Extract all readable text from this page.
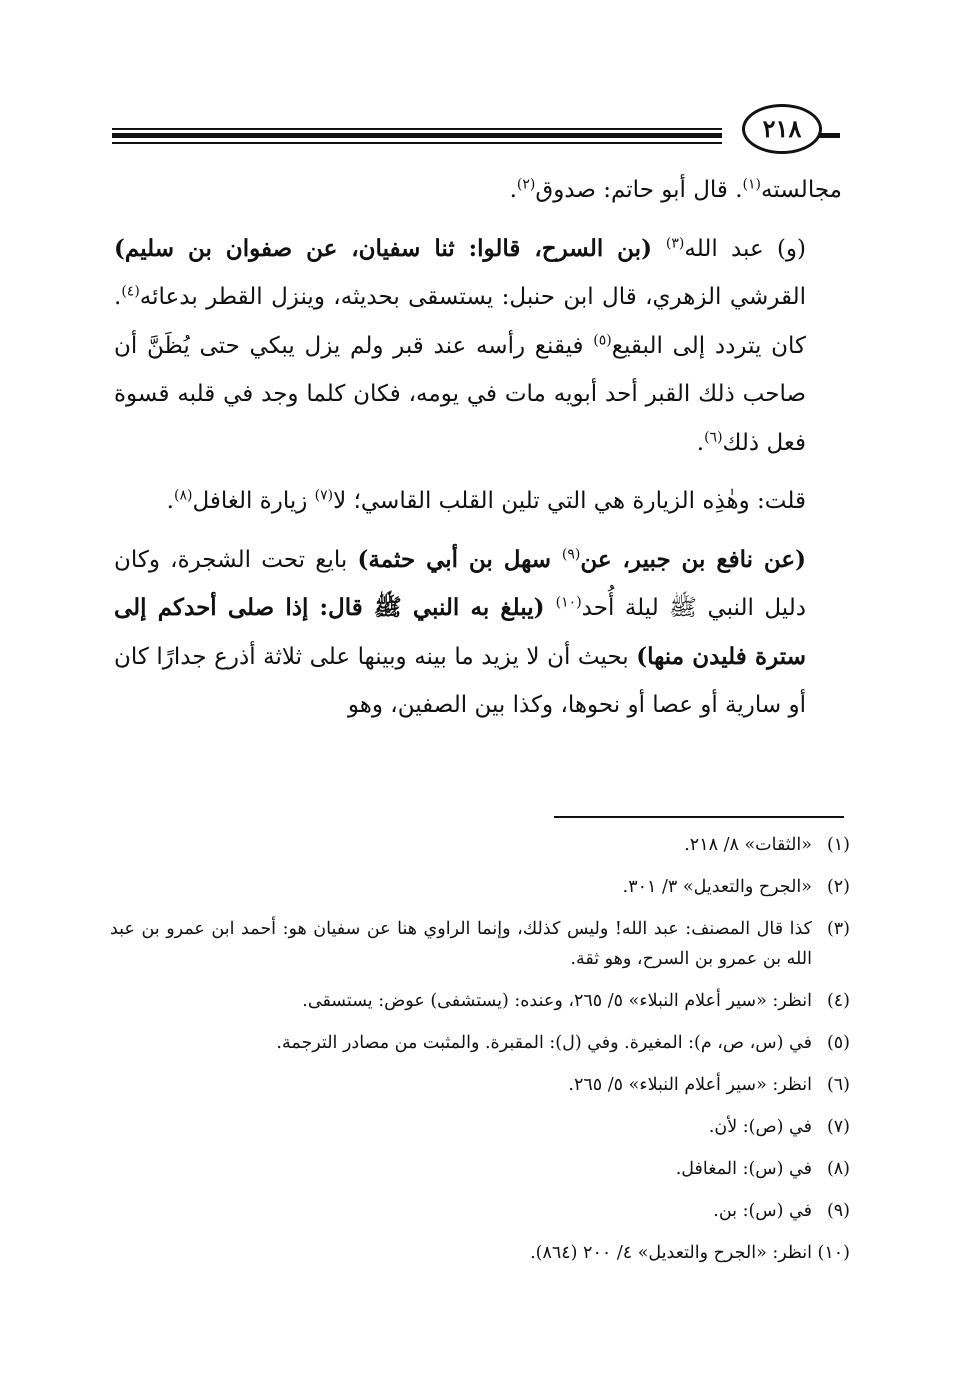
٢١٨

مجالسته$^{(١)}$. قال أبو حاتم: صدوق$^{(٢)}$.

(و) عبد الله$^{(٣)}$ (بن السرح، قالوا: ثنا سفيان، عن صفوان بن سليم) القرشي الزهري، قال ابن حنبل: يستسقى بحديثه، وينزل القطر بدعائه$^{(٤)}$. كان يتردد إلى البقيع$^{(٥)}$ فيقنع رأسه عند قبر ولم يزل يبكي حتى يُظَنَّ أن صاحب ذلك القبر أحد أبويه مات في يومه، فكان كلما وجد في قلبه قسوة فعل ذلك$^{(٦)}$.

قلت: وهٰذِه الزيارة هي التي تلين القلب القاسي؛ لا$^{(٧)}$ زيارة الغافل$^{(٨)}$.

(عن نافع بن جبير، عن$^{(٩)}$ سهل بن أبي حثمة) بايع تحت الشجرة، وكان دليل النبي ﷺ ليلة أُحد$^{(١٠)}$ (يبلغ به النبي ﷺ قال: إذا صلى أحدكم إلى سترة فليدن منها) بحيث أن لا يزيد ما بينه وبينها على ثلاثة أذرع جدارًا كان أو سارية أو عصا أو نحوها، وكذا بين الصفين، وهو

(١)
«الثقات» ٨/ ٢١٨.
(٢)
«الجرح والتعديل» ٣/ ٣٠١.
(٣)
كذا قال المصنف: عبد الله! وليس كذلك، وإنما الراوي هنا عن سفيان هو: أحمد ابن عمرو بن عبد الله بن عمرو بن السرح، وهو ثقة.
(٤)
انظر: «سير أعلام النبلاء» ٥/ ٢٦٥، وعنده: (يستشفى) عوض: يستسقى.
(٥)
في (س، ص، م): المغيرة. وفي (ل): المقبرة. والمثبت من مصادر الترجمة.
(٦)
انظر: «سير أعلام النبلاء» ٥/ ٢٦٥.
(٧)
في (ص): لأن.
(٨)
في (س): المغافل.
(٩)
في (س): بن.
(١٠)
انظر: «الجرح والتعديل» ٤/ ٢٠٠ (٨٦٤).
